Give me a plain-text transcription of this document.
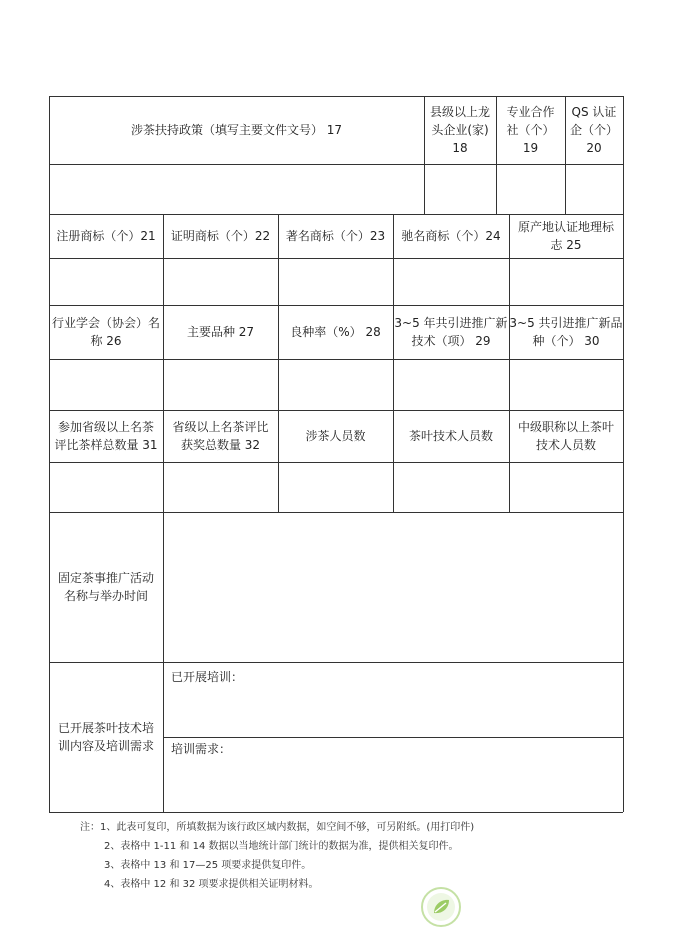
涉茶扶持政策（填写主要文件文号） 17
县级以上龙
头企业(家)
18
专业合作
社（个）
19
QS 认证
企（个）
20
注册商标（个）21 证明商标（个）22 著名商标（个）23 驰名商标（个）24
原产地认证地理标
志 25
行业学会（协会）名
称 26
主要品种 27	良种率（%） 28
3~5 年共引进推广新
技术（项） 29
3~5 共引进推广新品
种（个） 30
参加省级以上名茶
评比茶样总数量 31
省级以上名茶评比
获奖总数量 32
涉茶人员数	茶叶技术人员数
中级职称以上茶叶
技术人员数
固定茶事推广活动
名称与举办时间
已开展茶叶技术培
训内容及培训需求
已开展培训：
培训需求：
注：1、此表可复印，所填数据为该行政区域内数据，如空间不够，可另附纸。(用打印件)
2、表格中 1-11 和 14 数据以当地统计部门统计的数据为准，提供相关复印件。
3、表格中 13 和 17—25 项要求提供复印件。
4、表格中 12 和 32 项要求提供相关证明材料。
